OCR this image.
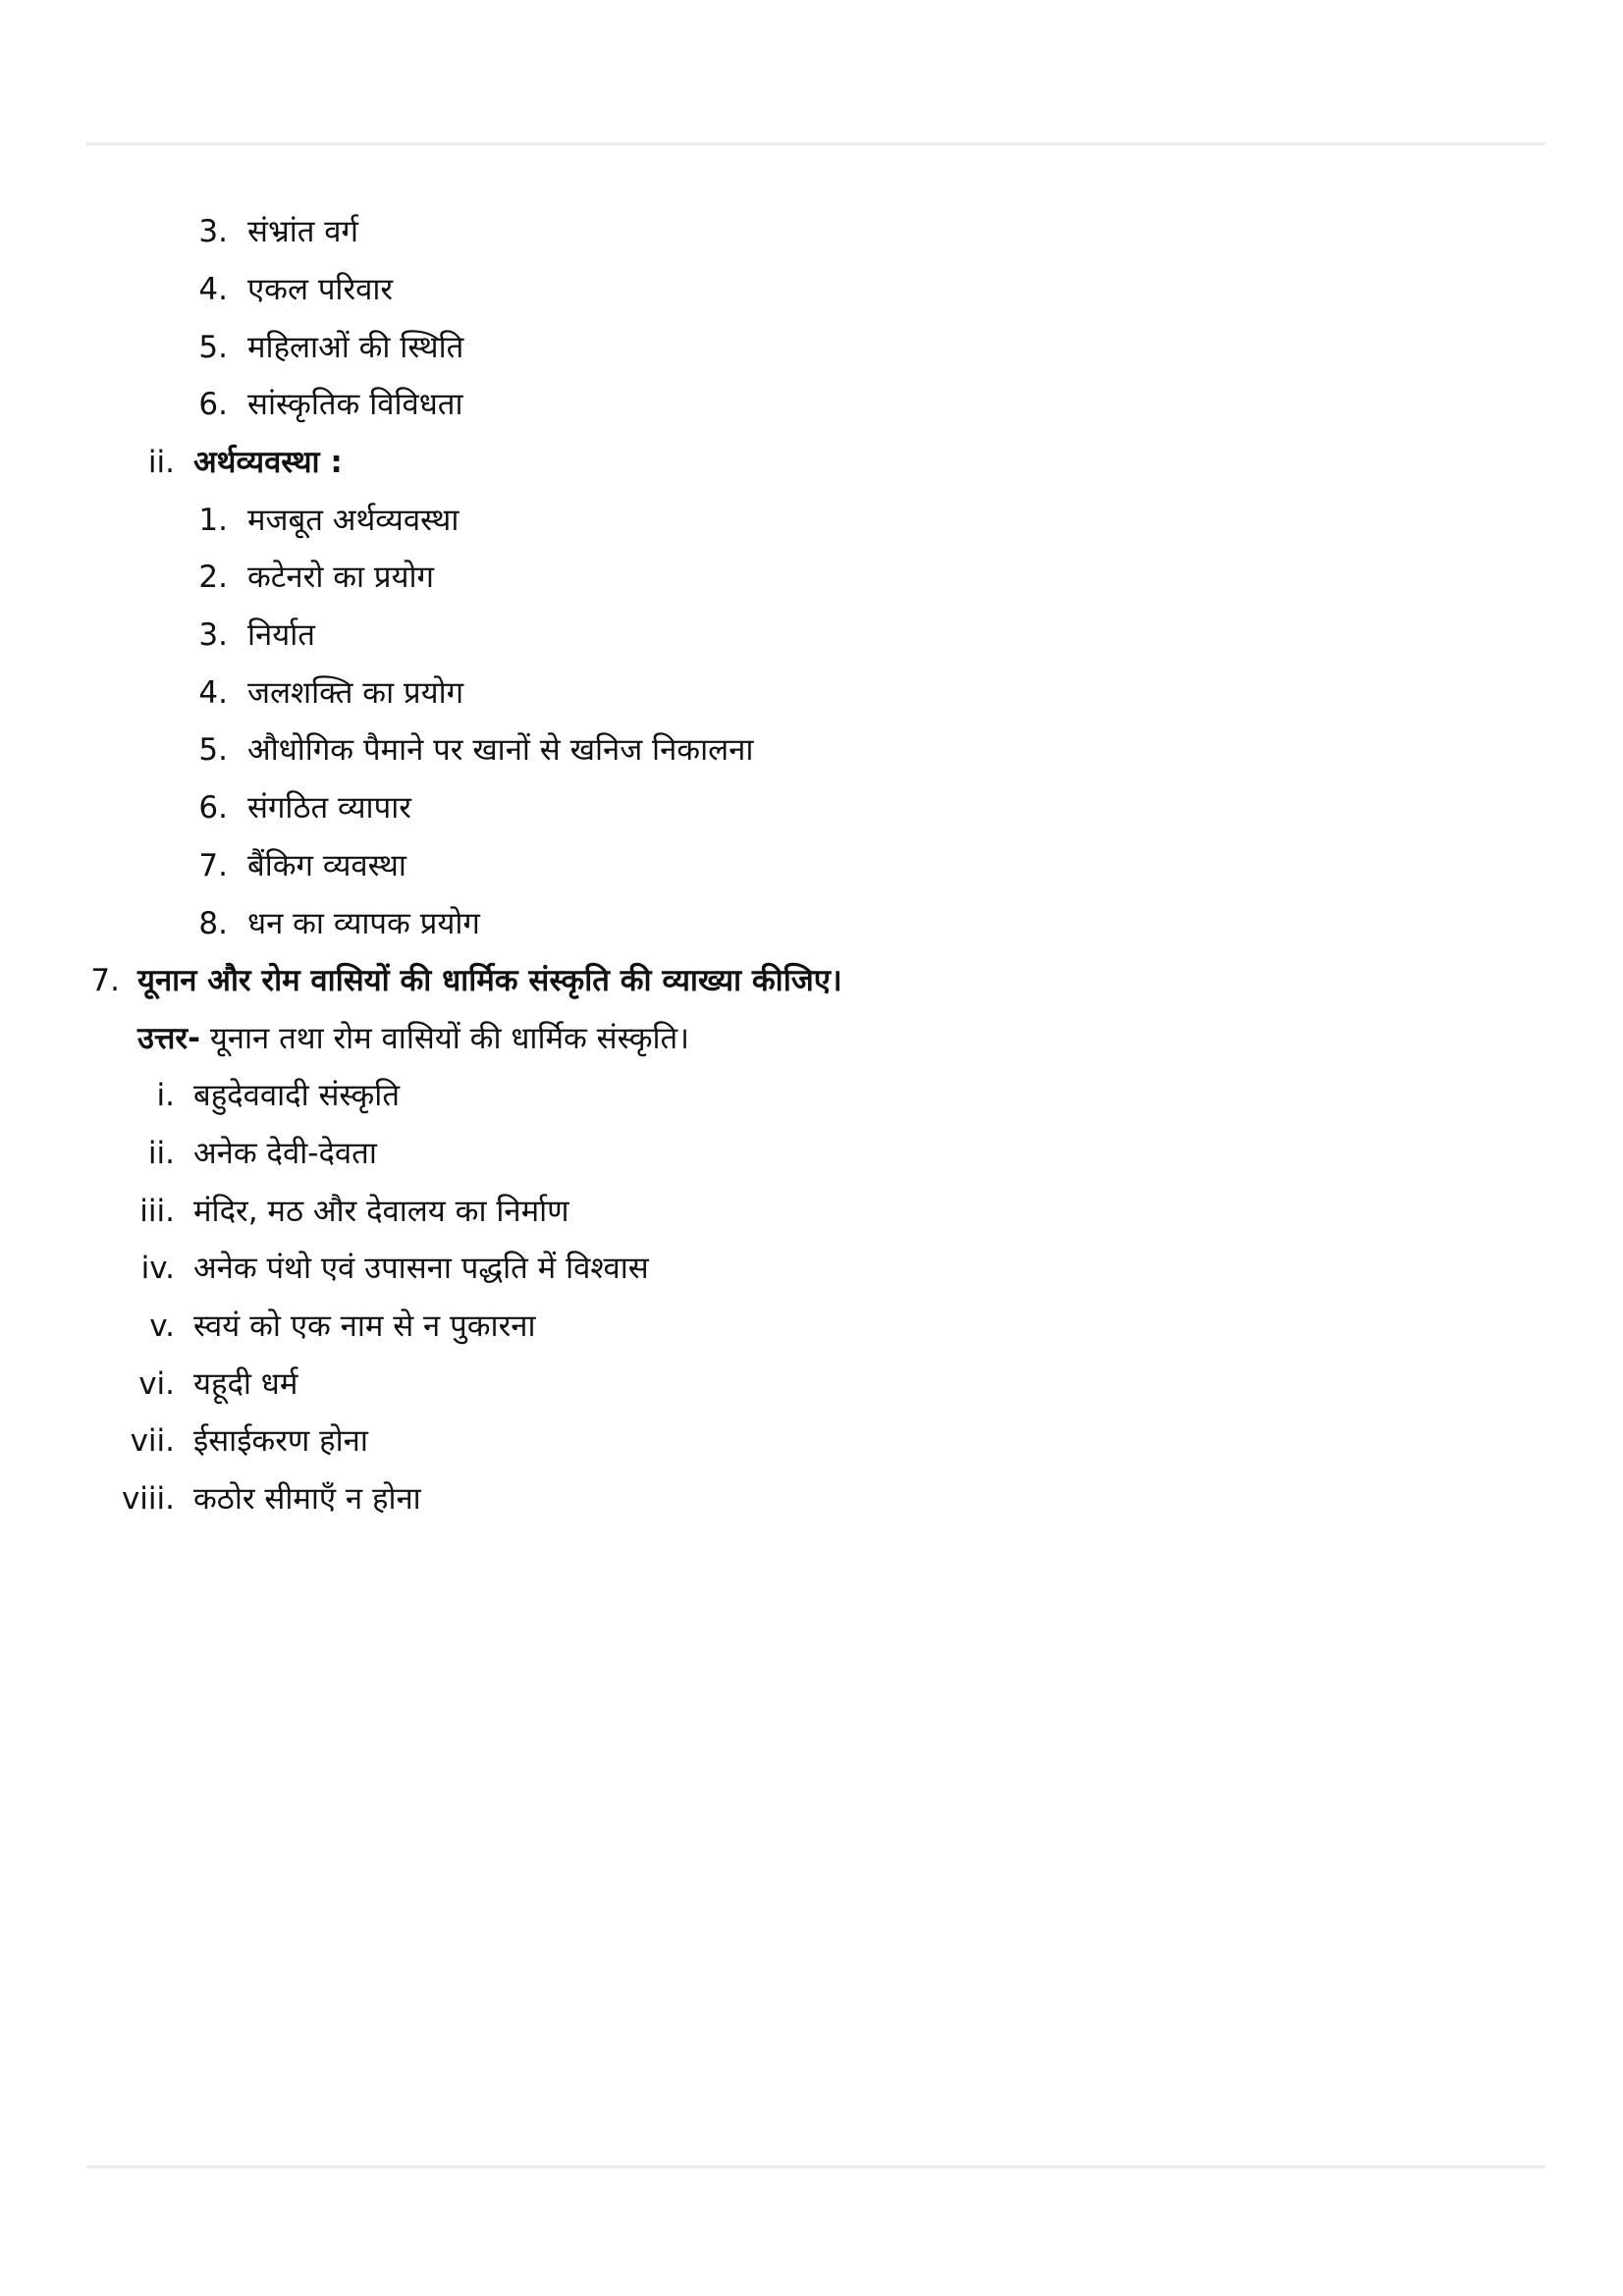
3. संभ्रांत वर्ग
4. एकल परिवार
5. महिलाओं की स्थिति
6. सांस्कृतिक विविधता
ii. अर्थव्यवस्था :
1. मजबूत अर्थव्यवस्था
2. कटेनरो का प्रयोग
3. निर्यात
4. जलशक्ति का प्रयोग
5. औधोगिक पैमाने पर खानों से खनिज निकालना
6. संगठित व्यापार
7. बैंकिग व्यवस्था
8. धन का व्यापक प्रयोग
7. यूनान और रोम वासियों की धार्मिक संस्कृति की व्याख्या कीजिए।
उत्तर- यूनान तथा रोम वासियों की धार्मिक संस्कृति।
i. बहुदेववादी संस्कृति
ii. अनेक देवी-देवता
iii. मंदिर, मठ और देवालय का निर्माण
iv. अनेक पंथो एवं उपासना पद्धति में विश्वास
v. स्वयं को एक नाम से न पुकारना
vi. यहूदी धर्म
vii. ईसाईकरण होना
viii. कठोर सीमाएँ न होना
